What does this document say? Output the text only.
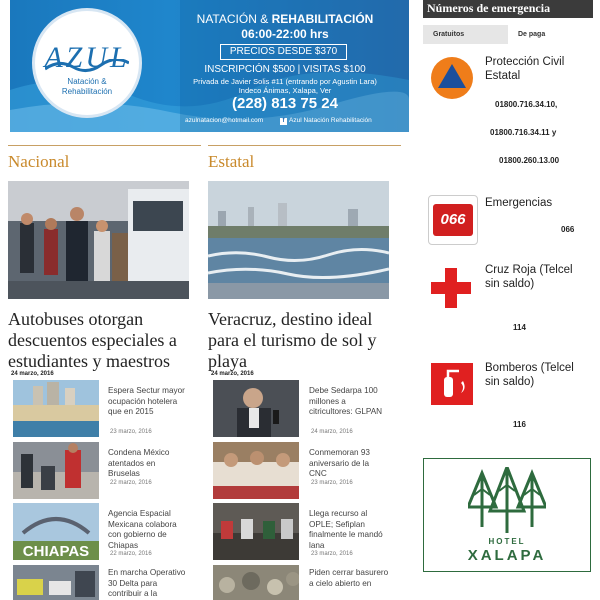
AZUL
Natación &
Rehabilitación
NATACIÓN & REHABILITACIÓN
06:00-22:00 hrs
PRECIOS DESDE $370
INSCRIPCIÓN $500 | VISITAS $100
Privada de Javier Solis #11 (entrando por Agustin Lara)
Indeco Ánimas, Xalapa, Ver
(228) 813 75 24
azulnatacion@hotmail.com	f Azul Natación Rehabilitación
Nacional
Autobuses otorgan descuentos especiales a estudiantes y maestros
24 marzo, 2016
Espera Sectur mayor ocupación hotelera que en 2015
23 marzo, 2016
Condena México atentados en Bruselas
22 marzo, 2016
CHIAPAS
Agencia Espacial Mexicana colabora con gobierno de Chiapas
22 marzo, 2016
En marcha Operativo 30 Delta para contribuir a la
Estatal
Veracruz, destino ideal para el turismo de sol y playa
24 marzo, 2016
Debe Sedarpa 100 millones a citricultores: GLPAN
24 marzo, 2016
Conmemoran 93 aniversario de la CNC
23 marzo, 2016
Llega recurso al OPLE; Sefiplan finalmente le mandó lana
23 marzo, 2016
Piden cerrar basurero a cielo abierto en
Números de emergencia
Gratuitos	De paga
Protección Civil Estatal
01800.716.34.10,
01800.716.34.11 y
01800.260.13.00
066
Emergencias
066
Cruz Roja (Telcel sin saldo)
114
Bomberos (Telcel sin saldo)
116
HOTEL
XALAPA
